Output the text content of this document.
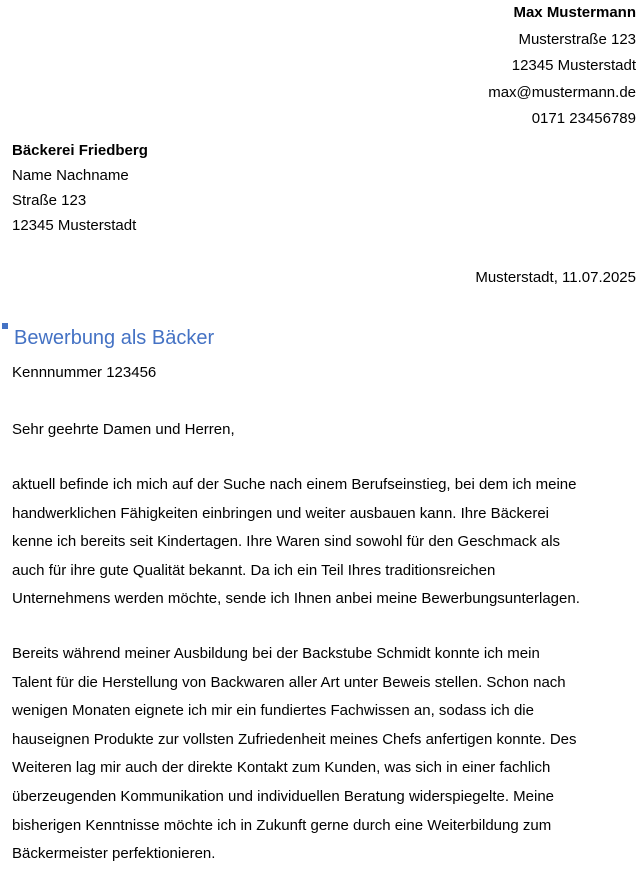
Max Mustermann
Musterstraße 123
12345 Musterstadt
max@mustermann.de
0171 23456789
Bäckerei Friedberg
Name Nachname
Straße 123
12345 Musterstadt
Musterstadt, 11.07.2025
Bewerbung als Bäcker
Kennnummer 123456
Sehr geehrte Damen und Herren,

aktuell befinde ich mich auf der Suche nach einem Berufseinstieg, bei dem ich meine
handwerklichen Fähigkeiten einbringen und weiter ausbauen kann. Ihre Bäckerei
kenne ich bereits seit Kindertagen. Ihre Waren sind sowohl für den Geschmack als
auch für ihre gute Qualität bekannt. Da ich ein Teil Ihres traditionsreichen
Unternehmens werden möchte, sende ich Ihnen anbei meine Bewerbungsunterlagen.

Bereits während meiner Ausbildung bei der Backstube Schmidt konnte ich mein
Talent für die Herstellung von Backwaren aller Art unter Beweis stellen. Schon nach
wenigen Monaten eignete ich mir ein fundiertes Fachwissen an, sodass ich die
hauseignen Produkte zur vollsten Zufriedenheit meines Chefs anfertigen konnte. Des
Weiteren lag mir auch der direkte Kontakt zum Kunden, was sich in einer fachlich
überzeugenden Kommunikation und individuellen Beratung widerspiegelte. Meine
bisherigen Kenntnisse möchte ich in Zukunft gerne durch eine Weiterbildung zum
Bäckermeister perfektionieren.
